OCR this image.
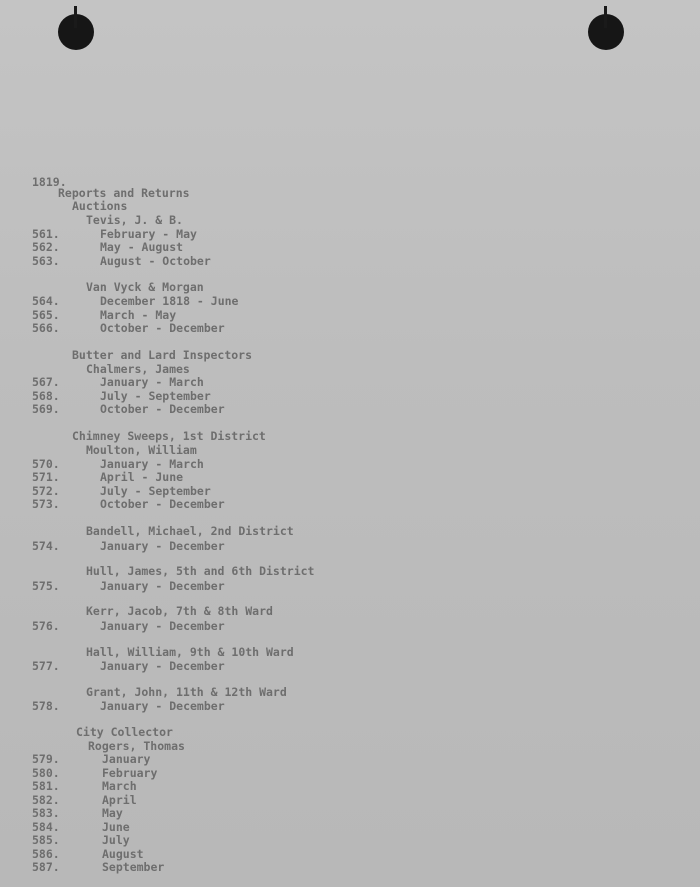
1819.
Reports and Returns
Auctions
Tevis, J. & B.
561.	February - May
562.	May - August
563.	August - October
Van Vyck & Morgan
564.	December 1818 - June
565.	March - May
566.	October - December
Butter and Lard Inspectors
Chalmers, James
567.	January - March
568.	July - September
569.	October - December
Chimney Sweeps, 1st District
Moulton, William
570.	January - March
571.	April - June
572.	July - September
573.	October - December
Bandell, Michael, 2nd District
574.	January - December
Hull, James, 5th and 6th District
575.	January - December
Kerr, Jacob, 7th & 8th Ward
576.	January - December
Hall, William, 9th & 10th Ward
577.	January - December
Grant, John, 11th & 12th Ward
578.	January - December
City Collector
Rogers, Thomas
579.	January
580.	February
581.	March
582.	April
583.	May
584.	June
585.	July
586.	August
587.	September
